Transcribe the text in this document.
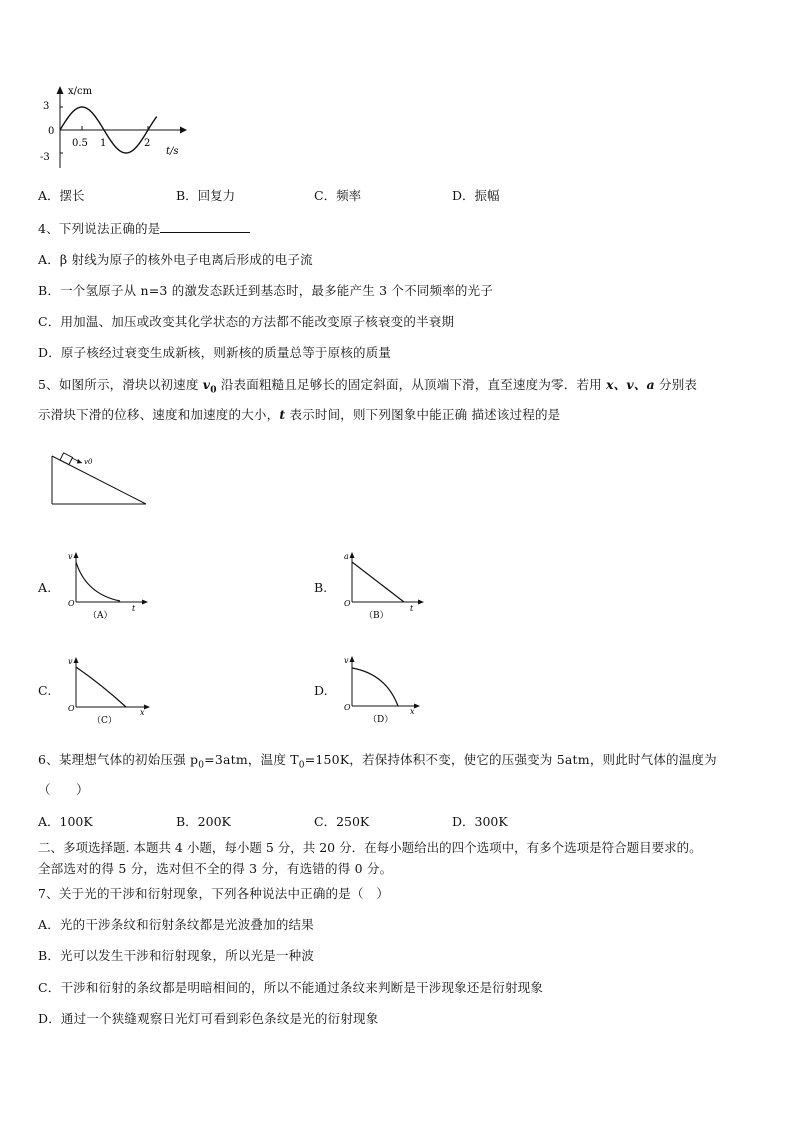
x/cm
3
0
-3
0.5 1	2
t/s
A．摆长	B．回复力	C．频率	D．振幅
4、下列说法正确的是
A．β 射线为原子的核外电子电离后形成的电子流
B．一个氢原子从 n=3 的激发态跃迁到基态时，最多能产生 3 个不同频率的光子
C．用加温、加压或改变其化学状态的方法都不能改变原子核衰变的半衰期
D．原子核经过衰变生成新核，则新核的质量总等于原核的质量
5、如图所示，滑块以初速度 $v_0$ 沿表面粗糙且足够长的固定斜面，从顶端下滑，直至速度为零．若用 x、v、a 分别表
示滑块下滑的位移、速度和加速度的大小，t 表示时间，则下列图象中能正确 描述该过程的是
v0
A.
v
O
t
（A）
B.
a
O
t
（B）
C.
v
O	x
（C）
D.
v
O	x
（D）
6、某理想气体的初始压强 $p_0=3atm$，温度 $T_0=150K$，若保持体积不变，使它的压强变为 5atm，则此时气体的温度为
（　　）
A．100K	B．200K	C．250K	D．300K
二、多项选择题. 本题共 4 小题，每小题 5 分，共 20 分．在每小题给出的四个选项中，有多个选项是符合题目要求的。
全部选对的得 5 分，选对但不全的得 3 分，有选错的得 0 分。
7、关于光的干涉和衍射现象，下列各种说法中正确的是（　）
A．光的干涉条纹和衍射条纹都是光波叠加的结果
B．光可以发生干涉和衍射现象，所以光是一种波
C．干涉和衍射的条纹都是明暗相间的，所以不能通过条纹来判断是干涉现象还是衍射现象
D．通过一个狭缝观察日光灯可看到彩色条纹是光的衍射现象
